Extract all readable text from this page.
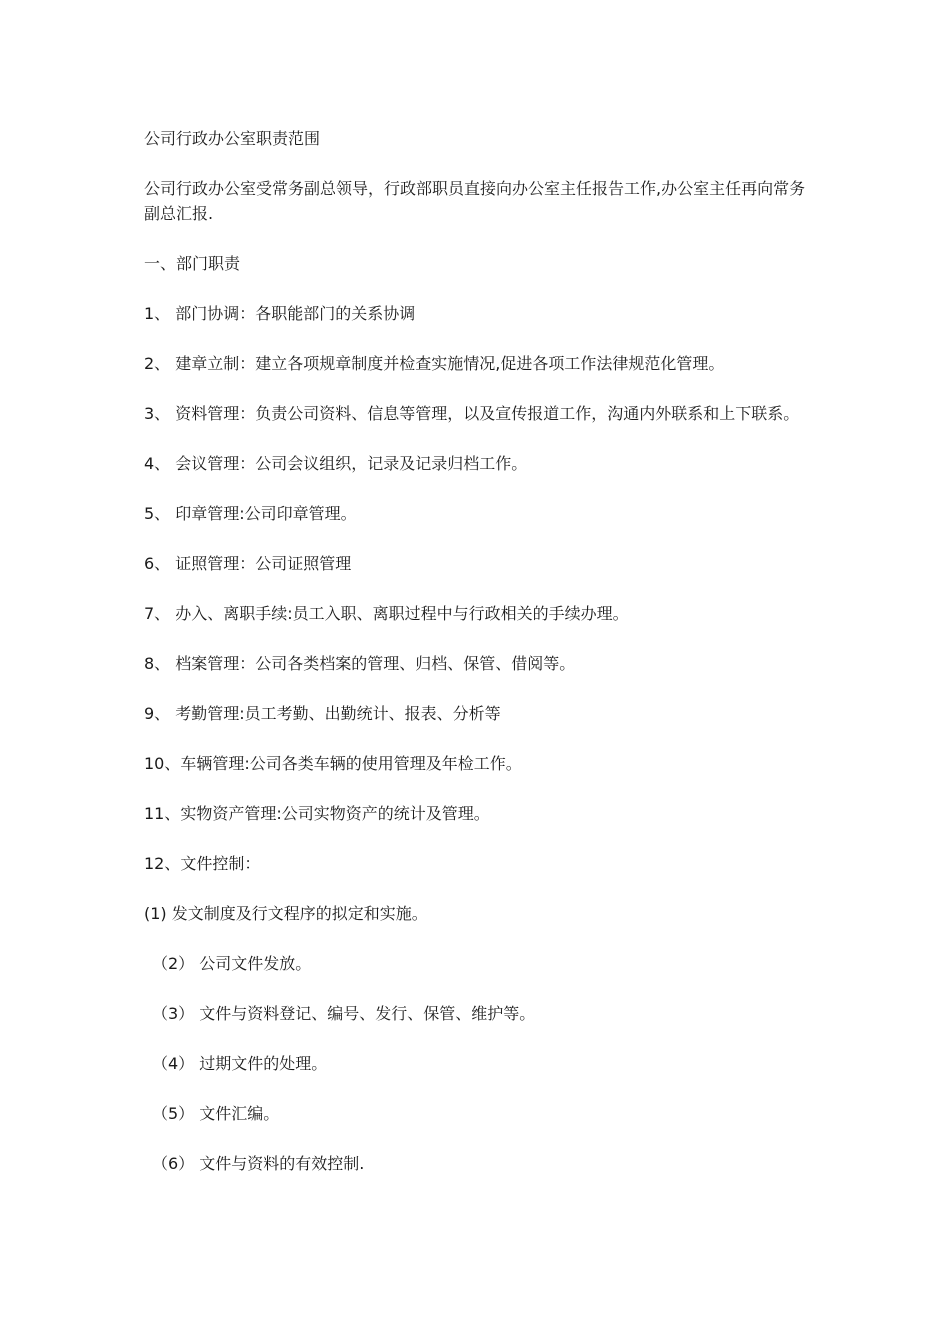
公司行政办公室职责范围

公司行政办公室受常务副总领导，行政部职员直接向办公室主任报告工作,办公室主任再向常务副总汇报.

一、部门职责

1、 部门协调：各职能部门的关系协调

2、 建章立制：建立各项规章制度并检查实施情况,促进各项工作法律规范化管理。

3、 资料管理：负责公司资料、信息等管理，以及宣传报道工作，沟通内外联系和上下联系。

4、 会议管理：公司会议组织，记录及记录归档工作。

5、 印章管理:公司印章管理。

6、 证照管理：公司证照管理

7、 办入、离职手续:员工入职、离职过程中与行政相关的手续办理。

8、 档案管理：公司各类档案的管理、归档、保管、借阅等。

9、 考勤管理:员工考勤、出勤统计、报表、分析等

10、车辆管理:公司各类车辆的使用管理及年检工作。

11、实物资产管理:公司实物资产的统计及管理。

12、文件控制：

(1) 发文制度及行文程序的拟定和实施。

（2） 公司文件发放。

（3） 文件与资料登记、编号、发行、保管、维护等。

（4） 过期文件的处理。

（5） 文件汇编。

（6） 文件与资料的有效控制.
